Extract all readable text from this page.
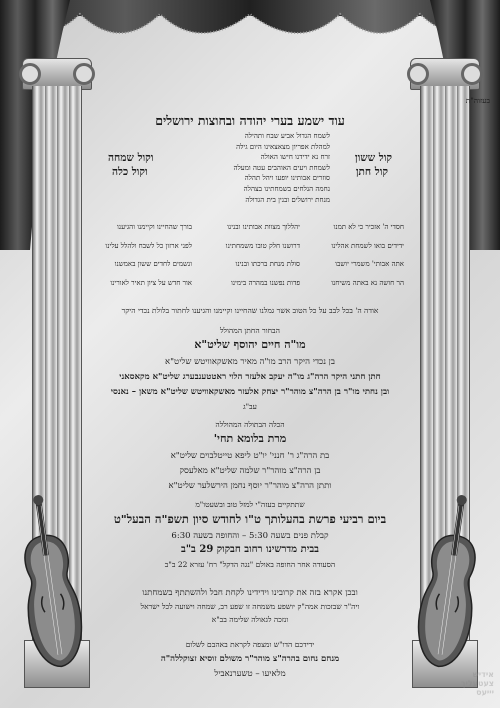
בעזוה"ת
עוד ישמע בערי יהודה ובחוצות ירושלים
קול ששון
קול חתן
וקול שמחה
וקול כלה
לשמח הגדול אביע שבח ותהילה
למהלת אפריון מצאצאינו היום גילה
זרח נא ידידנו חישו האולה
לשמחת ויעים האוהבים עטה ומעלה
סוזרים אבותינו יופעו ויהל תהלה
נחמה הנלחים בשמחתינו בצהלה
מנחת ירושלים ובנין בית הגדולה
חסדי ה' אזכיר כי לא תמנו
ידידים בואו לשמחת אהלינו
אתה אבותי' משמרי יושבו
הר חושה נא באתה משיחנו
יהללוך מצוות אבותינו ובנינו
דרושנו חלק טובו משמחתינו
סולת מנחת ברכתו ובנינו
פדות נפשנו במהרה בימינו
בורך שהחיינו וקיימנו והגיענו
לפני ארזון כל לשבח ולהלל עלינו
ונשמים לחדים ששון באמשנו
אור חדש על ציון תאיר לאורינו
אודה ה' בכל לבב על כל הטוב אשר גמלנו שהחיינו וקיימנו והגיענו לחתור בלולת נכדי היקר
הבחור החתן המהולל
מו"ה חיים יהוסף שליט"א
בן נכדי היקר הרב מו"ה מאיר מאשקאוויטש שליט"א
חתן חתני היקר הרה"ג מו"ה יעקב אלעזר הלוי ראטטענבערג שליט"א מקאסאני
ובן נחתי מו"ר בן הרה"צ מוהר"ר יצחק אלעזר מאשקאוויטש שליט"א משאן – נאנסי
עב"ג
הכלה הבתולה המהוללה
מרת בלומא תחי'
בת הרה"ג ר' חנני' יו"ט ליפא טייטלבוים שליט"א
בן הרה"צ מוהר"ר שלמה שליט"א מאלעסק
ותתן הרה"צ מוהר"ר יוסף נחמן הירשלער שליט"א
שתתקיים בעזה"י למזל טוב ובשעטו"מ
ביום רביעי פרשת בהעלותך ט"ו לחודש סיון תשפ"ה הבעל"ט
קבלת פנים בשעה 5:30 – והחופה בשעה 6:30
בבית מדרשינו רחוב חבקוק 29 ב"ב
הסעודה אחר החופה באולם "נגה הדקל" רח' עזרא 22 ב"ב
ובכן אקרא בזה את קרובינו וידידינו לקחת חבל ולהשתתף בשמחתנו
ויה"ר שבזכות אמה"ק יושפע משמחה זו שפע רב, שמחה וישועה לכל ישראל
ונזכה לגאולה שלימה בב"א
ידידכם הדו"ש ומצפה לקראת באהבם לשלום
מנחם נחום בהרה"צ מוהר"ר משולם זוסיא זצוקללה"ה
מלאיעו – טשערנאביל	אידיש
צעטעליך
יייעס
